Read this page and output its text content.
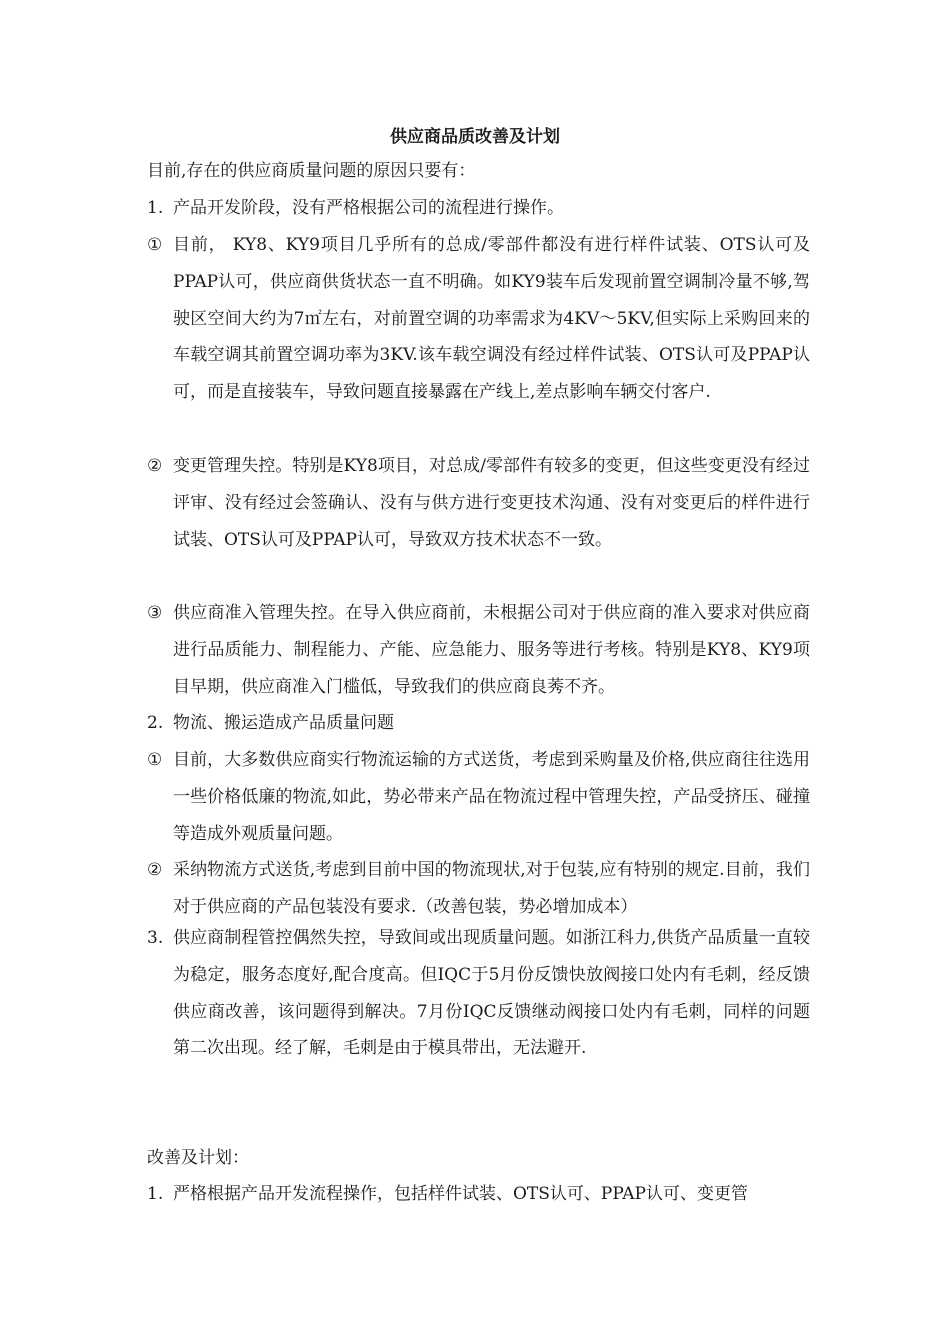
供应商品质改善及计划
目前,存在的供应商质量问题的原因只要有：
1. 产品开发阶段，没有严格根据公司的流程进行操作。
① 目前， KY8、KY9项目几乎所有的总成/零部件都没有进行样件试装、OTS认可及PPAP认可，供应商供货状态一直不明确。如KY9装车后发现前置空调制冷量不够,驾驶区空间大约为7㎡左右，对前置空调的功率需求为4KV～5KV,但实际上采购回来的车载空调其前置空调功率为3KV.该车载空调没有经过样件试装、OTS认可及PPAP认可，而是直接装车，导致问题直接暴露在产线上,差点影响车辆交付客户.
② 变更管理失控。特别是KY8项目，对总成/零部件有较多的变更，但这些变更没有经过评审、没有经过会签确认、没有与供方进行变更技术沟通、没有对变更后的样件进行试装、OTS认可及PPAP认可，导致双方技术状态不一致。
③ 供应商准入管理失控。在导入供应商前，未根据公司对于供应商的准入要求对供应商进行品质能力、制程能力、产能、应急能力、服务等进行考核。特别是KY8、KY9项目早期，供应商准入门槛低，导致我们的供应商良莠不齐。
2. 物流、搬运造成产品质量问题
① 目前，大多数供应商实行物流运输的方式送货，考虑到采购量及价格,供应商往往选用一些价格低廉的物流,如此，势必带来产品在物流过程中管理失控，产品受挤压、碰撞等造成外观质量问题。
② 采纳物流方式送货,考虑到目前中国的物流现状,对于包装,应有特别的规定.目前，我们对于供应商的产品包装没有要求.（改善包装，势必增加成本）
3. 供应商制程管控偶然失控，导致间或出现质量问题。如浙江科力,供货产品质量一直较为稳定，服务态度好,配合度高。但IQC于5月份反馈快放阀接口处内有毛刺，经反馈供应商改善，该问题得到解决。7月份IQC反馈继动阀接口处内有毛刺，同样的问题第二次出现。经了解，毛刺是由于模具带出，无法避开.
改善及计划：
1. 严格根据产品开发流程操作，包括样件试装、OTS认可、PPAP认可、变更管
